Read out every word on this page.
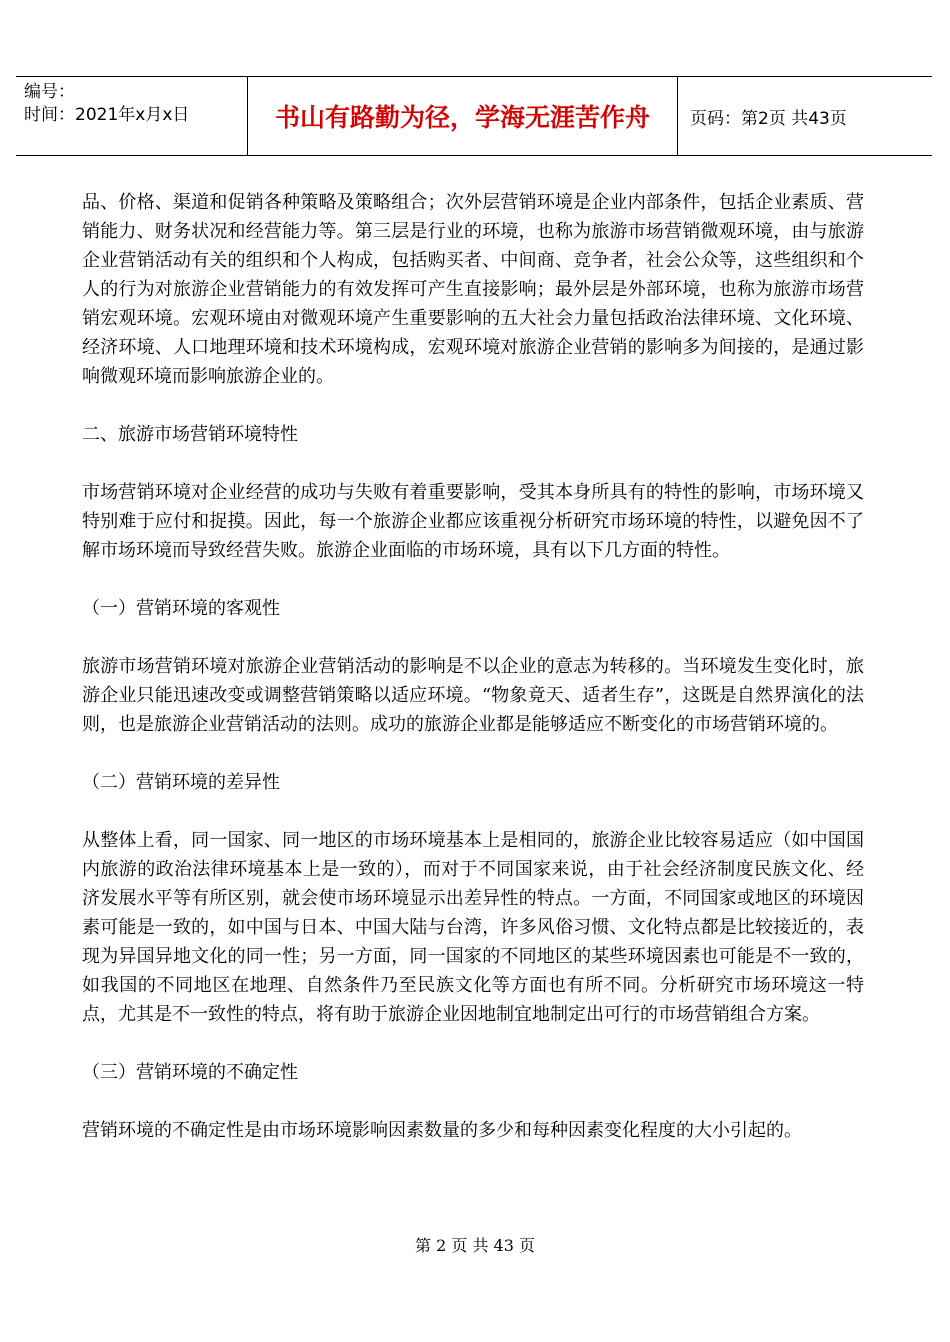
编号：
时间：2021年x月x日	书山有路勤为径，学海无涯苦作舟	页码：第2页 共43页

品、价格、渠道和促销各种策略及策略组合；次外层营销环境是企业内部条件，包括企业素质、营销能力、财务状况和经营能力等。第三层是行业的环境，也称为旅游市场营销微观环境，由与旅游企业营销活动有关的组织和个人构成，包括购买者、中间商、竞争者，社会公众等，这些组织和个人的行为对旅游企业营销能力的有效发挥可产生直接影响；最外层是外部环境，也称为旅游市场营销宏观环境。宏观环境由对微观环境产生重要影响的五大社会力量包括政治法律环境、文化环境、经济环境、人口地理环境和技术环境构成，宏观环境对旅游企业营销的影响多为间接的，是通过影响微观环境而影响旅游企业的。

二、旅游市场营销环境特性

市场营销环境对企业经营的成功与失败有着重要影响，受其本身所具有的特性的影响，市场环境又特别难于应付和捉摸。因此，每一个旅游企业都应该重视分析研究市场环境的特性，以避免因不了解市场环境而导致经营失败。旅游企业面临的市场环境，具有以下几方面的特性。

（一）营销环境的客观性

旅游市场营销环境对旅游企业营销活动的影响是不以企业的意志为转移的。当环境发生变化时，旅游企业只能迅速改变或调整营销策略以适应环境。“物象竟天、适者生存”，这既是自然界演化的法则，也是旅游企业营销活动的法则。成功的旅游企业都是能够适应不断变化的市场营销环境的。

（二）营销环境的差异性

从整体上看，同一国家、同一地区的市场环境基本上是相同的，旅游企业比较容易适应（如中国国内旅游的政治法律环境基本上是一致的），而对于不同国家来说，由于社会经济制度民族文化、经济发展水平等有所区别，就会使市场环境显示出差异性的特点。一方面，不同国家或地区的环境因素可能是一致的，如中国与日本、中国大陆与台湾，许多风俗习惯、文化特点都是比较接近的，表现为异国异地文化的同一性；另一方面，同一国家的不同地区的某些环境因素也可能是不一致的，如我国的不同地区在地理、自然条件乃至民族文化等方面也有所不同。分析研究市场环境这一特点，尤其是不一致性的特点，将有助于旅游企业因地制宜地制定出可行的市场营销组合方案。

（三）营销环境的不确定性

营销环境的不确定性是由市场环境影响因素数量的多少和每种因素变化程度的大小引起的。

第 2 页 共 43 页
